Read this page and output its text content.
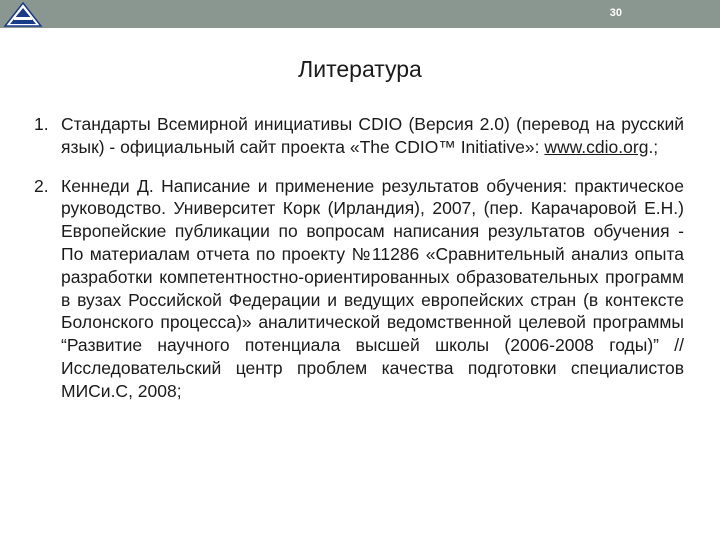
30
Литература
1. Стандарты Всемирной инициативы CDIO (Версия 2.0) (перевод на русский язык) - официальный сайт проекта «The CDIO™ Initiative»: www.cdio.org.;
2. Кеннеди Д. Написание и применение результатов обучения: практическое руководство. Университет Корк (Ирландия), 2007, (пер. Карачаровой Е.Н.) Европейские публикации по вопросам написания результатов обучения - По материалам отчета по проекту №11286 «Сравнительный анализ опыта разработки компетентностно-ориентированных образовательных программ в вузах Российской Федерации и ведущих европейских стран (в контексте Болонского процесса)» аналитической ведомственной целевой программы “Развитие научного потенциала высшей школы (2006-2008 годы)” // Исследовательский центр проблем качества подготовки специалистов МИСи.С, 2008;
